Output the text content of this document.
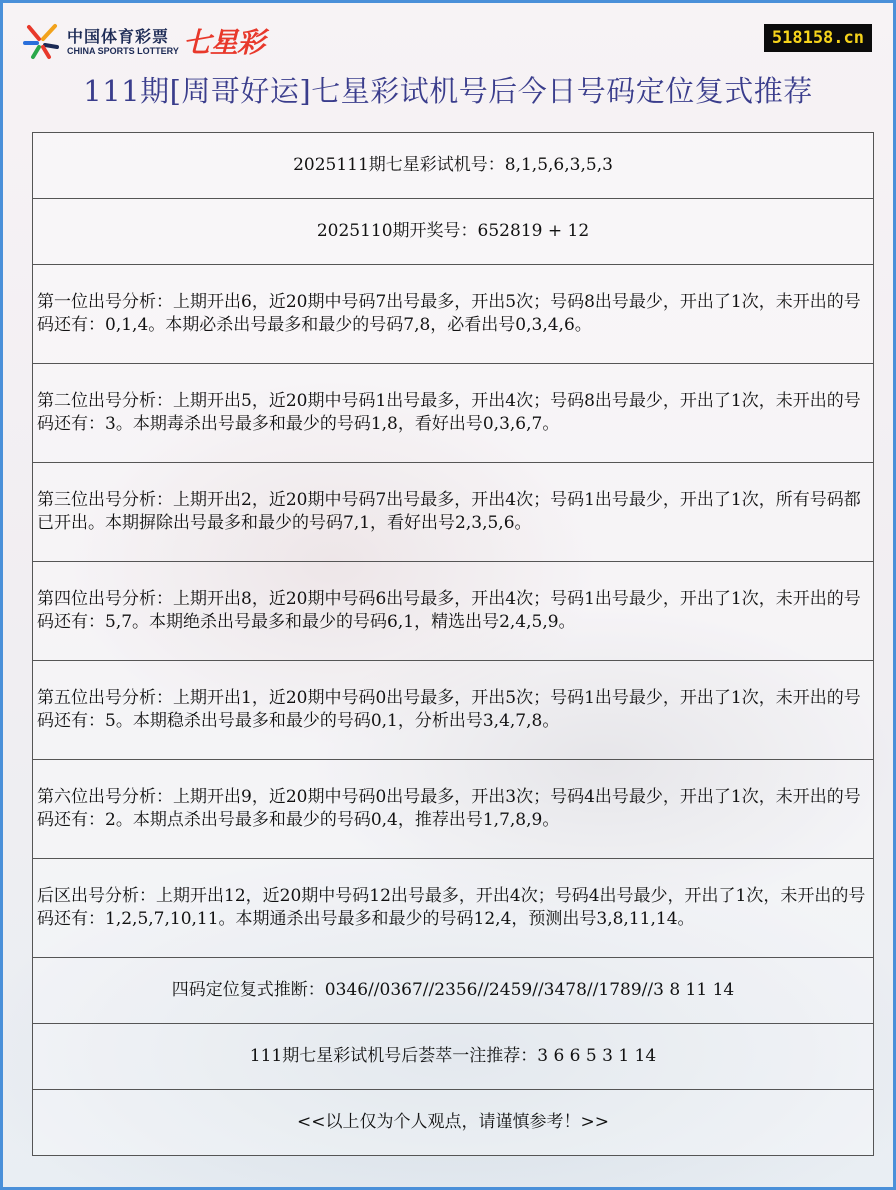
中国体育彩票
CHINA SPORTS LOTTERY 七星彩	518158.cn
111期[周哥好运]七星彩试机号后今日号码定位复式推荐
2025111期七星彩试机号：8,1,5,6,3,5,3
2025110期开奖号：652819 + 12
第一位出号分析：上期开出6，近20期中号码7出号最多，开出5次；号码8出号最少，开出了1次，未开出的号码还有：0,1,4。本期必杀出号最多和最少的号码7,8，必看出号0,3,4,6。
第二位出号分析：上期开出5，近20期中号码1出号最多，开出4次；号码8出号最少，开出了1次，未开出的号码还有：3。本期毒杀出号最多和最少的号码1,8，看好出号0,3,6,7。
第三位出号分析：上期开出2，近20期中号码7出号最多，开出4次；号码1出号最少，开出了1次，所有号码都已开出。本期摒除出号最多和最少的号码7,1，看好出号2,3,5,6。
第四位出号分析：上期开出8，近20期中号码6出号最多，开出4次；号码1出号最少，开出了1次，未开出的号码还有：5,7。本期绝杀出号最多和最少的号码6,1，精选出号2,4,5,9。
第五位出号分析：上期开出1，近20期中号码0出号最多，开出5次；号码1出号最少，开出了1次，未开出的号码还有：5。本期稳杀出号最多和最少的号码0,1，分析出号3,4,7,8。
第六位出号分析：上期开出9，近20期中号码0出号最多，开出3次；号码4出号最少，开出了1次，未开出的号码还有：2。本期点杀出号最多和最少的号码0,4，推荐出号1,7,8,9。
后区出号分析：上期开出12，近20期中号码12出号最多，开出4次；号码4出号最少，开出了1次，未开出的号码还有：1,2,5,7,10,11。本期通杀出号最多和最少的号码12,4，预测出号3,8,11,14。
四码定位复式推断：0346//0367//2356//2459//3478//1789//3 8 11 14
111期七星彩试机号后荟萃一注推荐：3 6 6 5 3 1 14
<<以上仅为个人观点，请谨慎参考！>>
